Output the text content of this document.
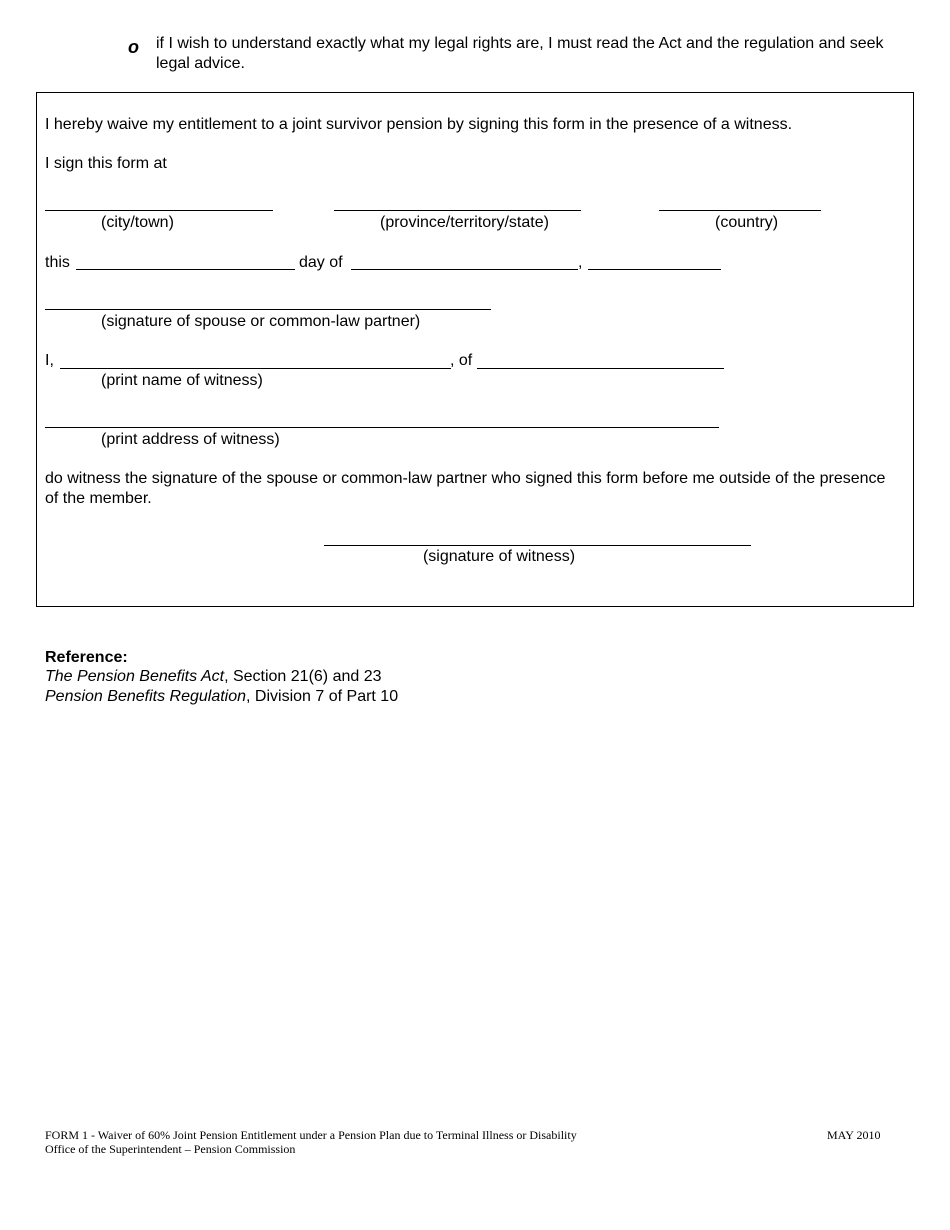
o if I wish to understand exactly what my legal rights are, I must read the Act and the regulation and seek legal advice.
I hereby waive my entitlement to a joint survivor pension by signing this form in the presence of a witness.
I sign this form at
(city/town)	(province/territory/state)	(country)
this	day of	,
(signature of spouse or common-law partner)
I,	, of
(print name of witness)
(print address of witness)
do witness the signature of the spouse or common-law partner who signed this form before me outside of the presence of the member.
(signature of witness)
Reference:
The Pension Benefits Act, Section 21(6) and 23
Pension Benefits Regulation, Division 7 of Part 10
FORM 1 - Waiver of 60% Joint Pension Entitlement under a Pension Plan due to Terminal Illness or Disability
Office of the Superintendent – Pension Commission
MAY 2010
